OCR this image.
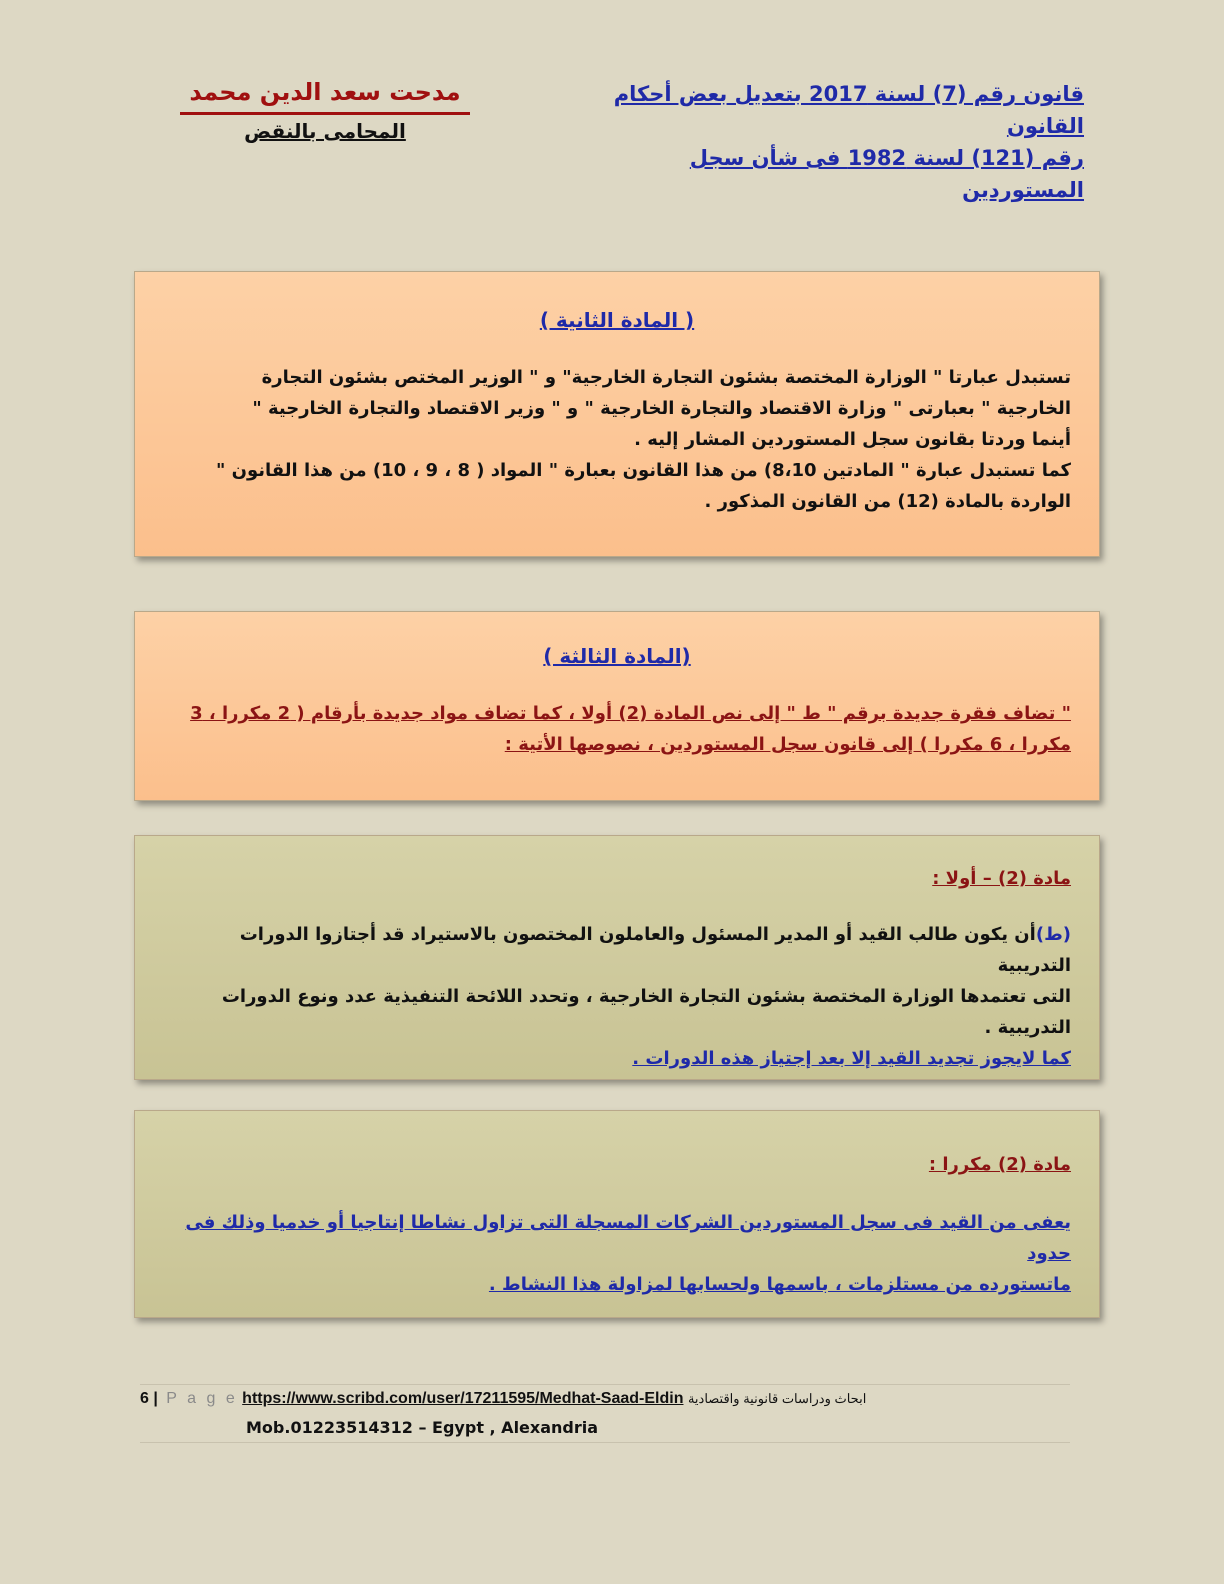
قانون رقم (7) لسنة 2017 بتعديل بعض أحكام القانون
رقم (121) لسنة 1982 فى شأن سجل المستوردين
مدحت سعد الدين محمد
المحامى بالنقض
( المادة الثانية )
تستبدل عبارتا " الوزارة المختصة بشئون التجارة الخارجية" و " الوزير المختص بشئون التجارة
الخارجية " بعبارتى " وزارة الاقتصاد والتجارة الخارجية " و " وزير الاقتصاد والتجارة الخارجية "
أينما وردتا بقانون سجل المستوردين المشار إليه .
كما تستبدل عبارة " المادتين 8،10) من هذا القانون بعبارة " المواد ( 8 ، 9 ، 10) من هذا القانون "
الواردة بالمادة (12) من القانون المذكور .
(المادة الثالثة )
" تضاف فقرة جديدة برقم " ط " إلى نص المادة (2) أولا ، كما تضاف مواد جديدة بأرقام ( 2 مكررا ، 3
مكررا ، 6 مكررا ) إلى قانون سجل المستوردين ، نصوصها الأتية :
مادة (2) – أولا :
(ط)أن يكون طالب القيد أو المدير المسئول والعاملون المختصون بالاستيراد قد أجتازوا الدورات التدريبية
التى تعتمدها الوزارة المختصة بشئون التجارة الخارجية ، وتحدد اللائحة التنفيذية عدد ونوع الدورات
التدريبية .
كما لايجوز تجديد القيد إلا بعد إجتياز هذه الدورات .
مادة (2) مكررا :
يعفى من القيد فى سجل المستوردين الشركات المسجلة التى تزاول نشاطا إنتاجيا أو خدميا وذلك فى حدود
ماتستورده من مستلزمات ، باسمها ولحسابها لمزاولة هذا النشاط .
6 | P a g e https://www.scribd.com/user/17211595/Medhat-Saad-Eldin ابحاث ودراسات قانونية واقتصادية
Mob.01223514312 – Egypt , Alexandria
